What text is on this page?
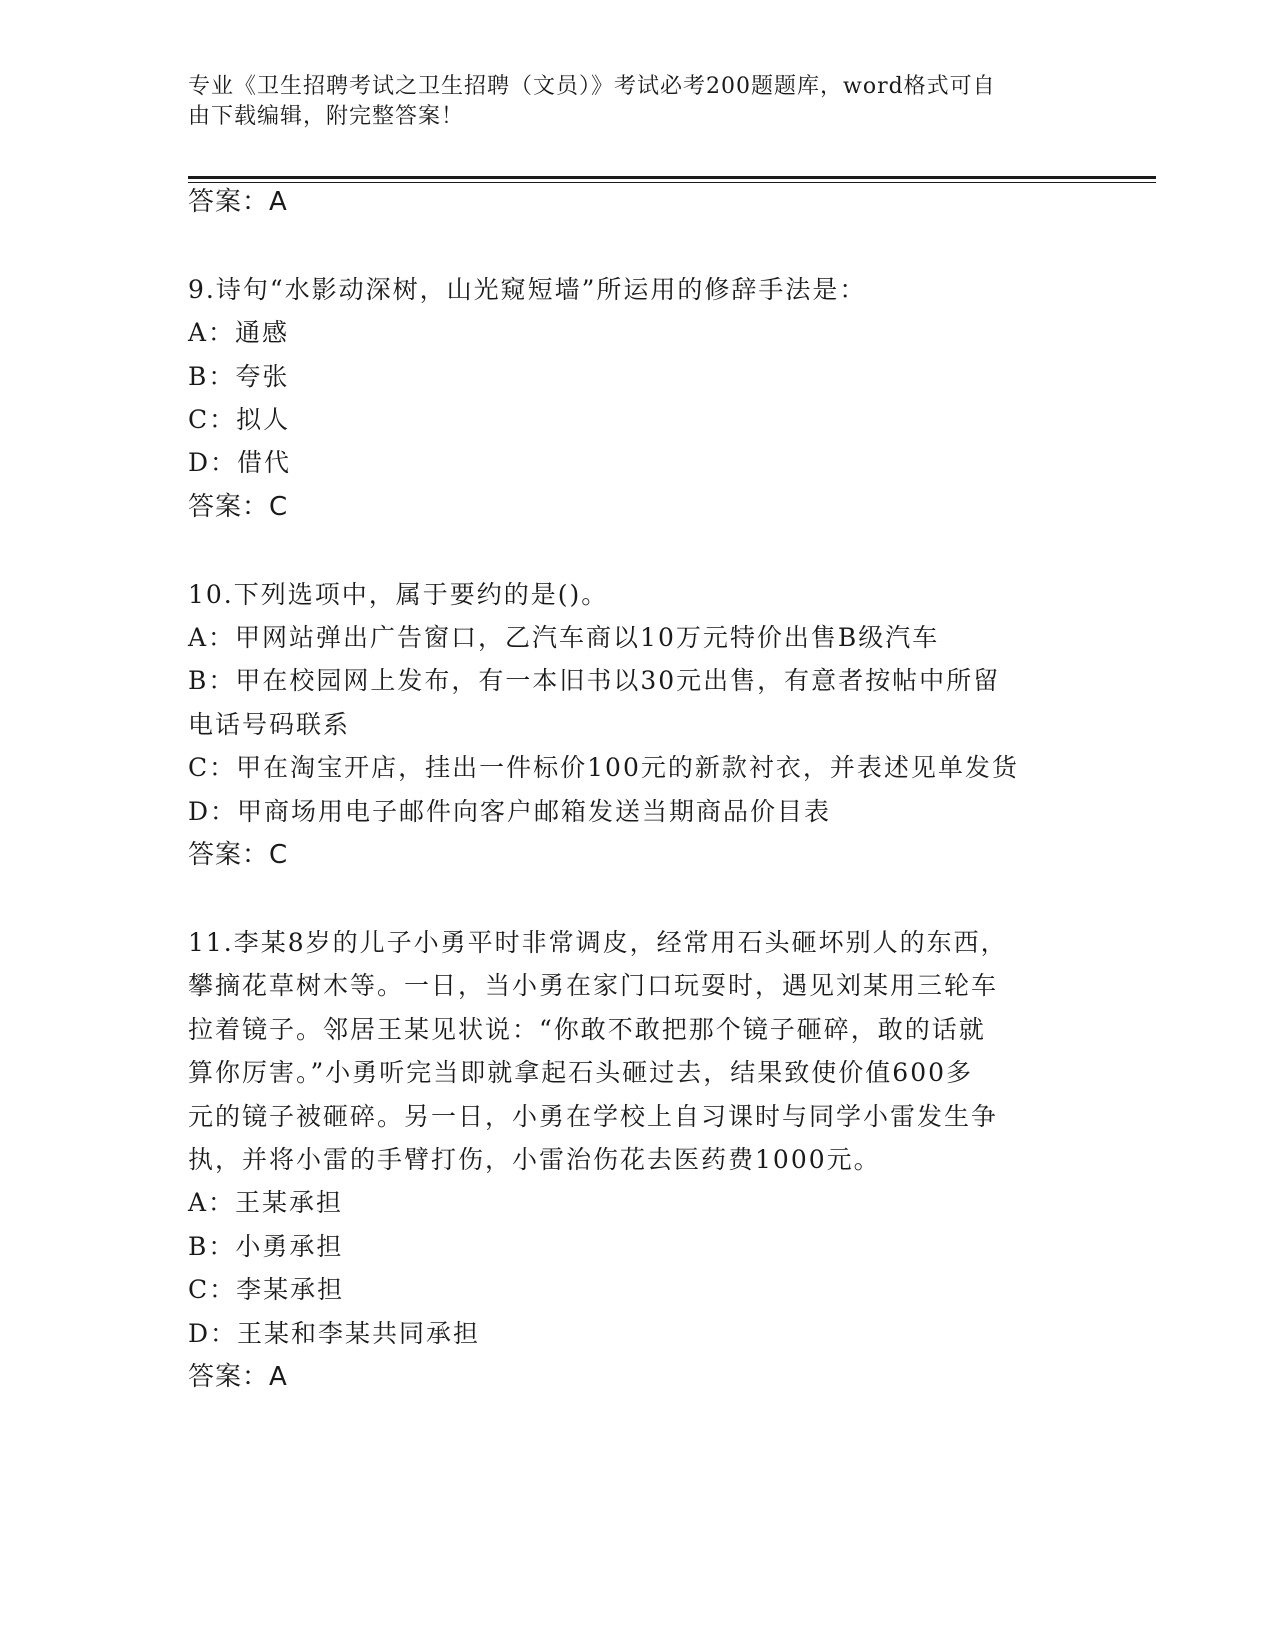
专业《卫生招聘考试之卫生招聘（文员）》考试必考200题题库，word格式可自
由下载编辑，附完整答案！
答案：A
9.诗句“水影动深树，山光窥短墙”所运用的修辞手法是：
A：通感
B：夸张
C：拟人
D：借代
答案：C
10.下列选项中，属于要约的是()。
A：甲网站弹出广告窗口，乙汽车商以10万元特价出售B级汽车
B：甲在校园网上发布，有一本旧书以30元出售，有意者按帖中所留
电话号码联系
C：甲在淘宝开店，挂出一件标价100元的新款衬衣，并表述见单发货
D：甲商场用电子邮件向客户邮箱发送当期商品价目表
答案：C
11.李某8岁的儿子小勇平时非常调皮，经常用石头砸坏别人的东西，
攀摘花草树木等。一日，当小勇在家门口玩耍时，遇见刘某用三轮车
拉着镜子。邻居王某见状说：“你敢不敢把那个镜子砸碎，敢的话就
算你厉害。”小勇听完当即就拿起石头砸过去，结果致使价值600多
元的镜子被砸碎。另一日，小勇在学校上自习课时与同学小雷发生争
执，并将小雷的手臂打伤，小雷治伤花去医药费1000元。
A：王某承担
B：小勇承担
C：李某承担
D：王某和李某共同承担
答案：A
